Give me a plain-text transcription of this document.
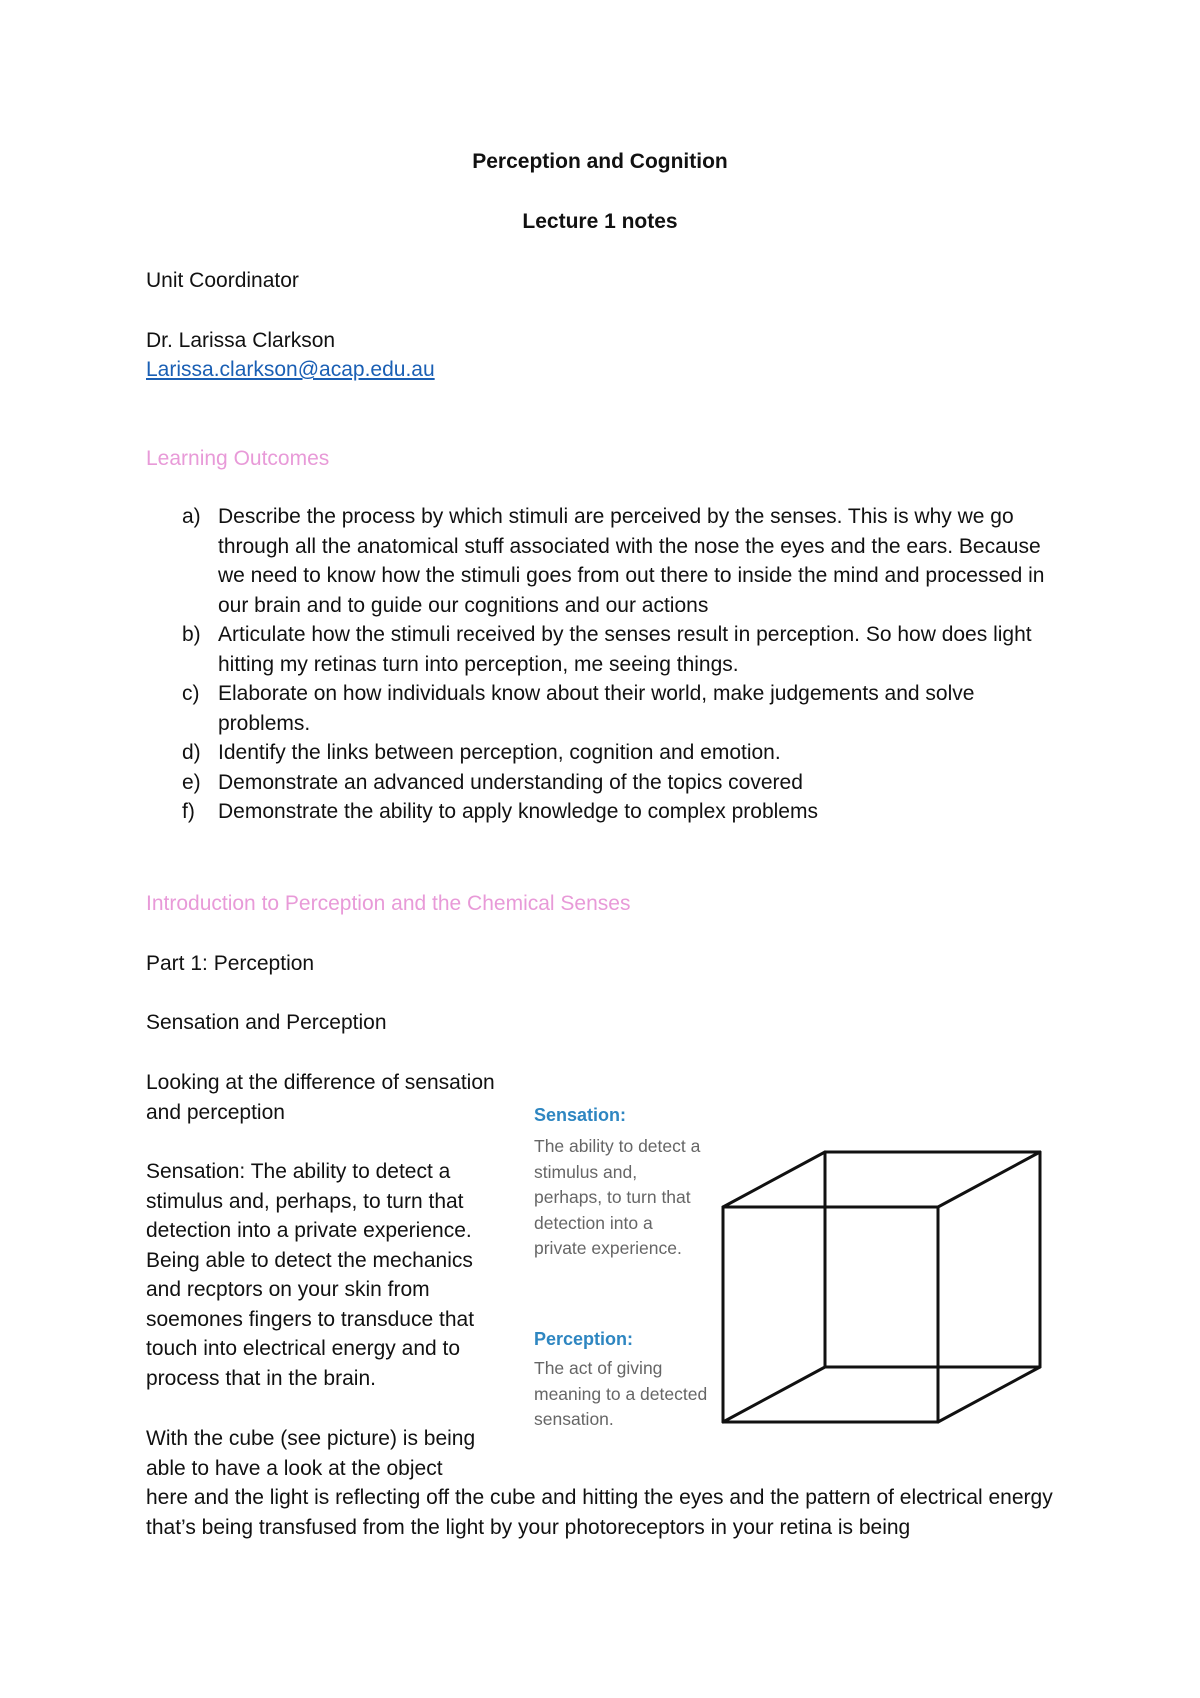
Perception and Cognition
Lecture 1 notes
Unit Coordinator
Dr. Larissa Clarkson
Larissa.clarkson@acap.edu.au
Learning Outcomes
a) Describe the process by which stimuli are perceived by the senses. This is why we go through all the anatomical stuff associated with the nose the eyes and the ears. Because we need to know how the stimuli goes from out there to inside the mind and processed in our brain and to guide our cognitions and our actions
b) Articulate how the stimuli received by the senses result in perception. So how does light hitting my retinas turn into perception, me seeing things.
c) Elaborate on how individuals know about their world, make judgements and solve problems.
d) Identify the links between perception, cognition and emotion.
e) Demonstrate an advanced understanding of the topics covered
f) Demonstrate the ability to apply knowledge to complex problems
Introduction to Perception and the Chemical Senses
Part 1: Perception
Sensation and Perception
Looking at the difference of sensation and perception
Sensation: The ability to detect a stimulus and, perhaps, to turn that detection into a private experience. Being able to detect the mechanics and recptors on your skin from soemones fingers to transduce that touch into electrical energy and to process that in the brain.
With the cube (see picture) is being able to have a look at the object
here and the light is reflecting off the cube and hitting the eyes and the pattern of electrical energy that’s being transfused from the light by your photoreceptors in your retina is being
Sensation:
The ability to detect a stimulus and, perhaps, to turn that detection into a private experience.
Perception:
The act of giving meaning to a detected sensation.
